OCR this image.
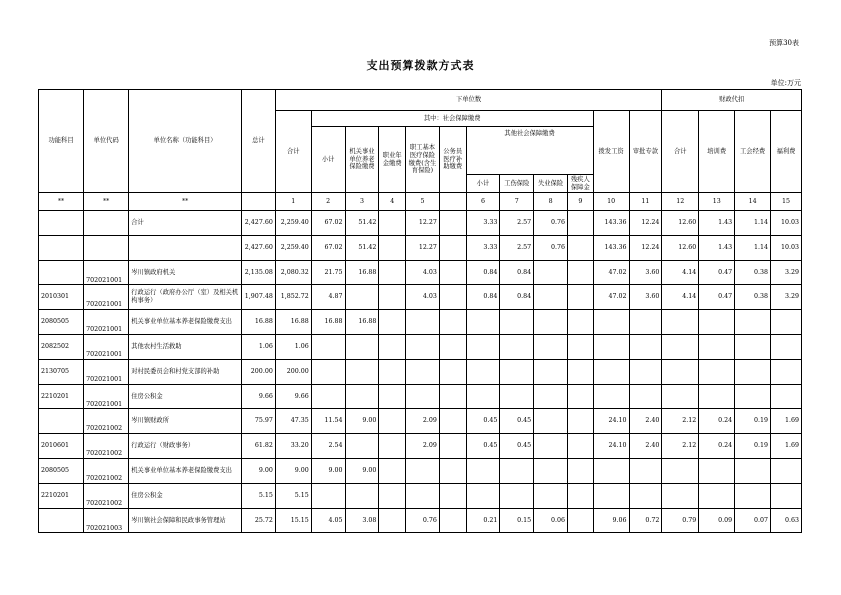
预算30表
支出预算拨款方式表
单位:万元
功能科目	单位代码	单位名称（功能科目）	总计	下单位数												财政代扣			
				合计	其中：社会保障缴费									拨发工资	审批专款	合计	培训费	工会经费	福利费
					小计	机关事业单位养老保险缴费	职业年金缴费	职工基本医疗保险缴费(含生育保险)	公务员医疗补助缴费	其他社会保障缴费									
										小计	工伤保险	失业保险	残疾人保障金						
**	**	**		1	2	3	4	5		6	7	8	9	10	11	12	13	14	15
		合计	2,427.60	2,259.40	67.02	51.42		12.27		3.33	2.57	0.76		143.36	12.24	12.60	1.43	1.14	10.03
			2,427.60	2,259.40	67.02	51.42		12.27		3.33	2.57	0.76		143.36	12.24	12.60	1.43	1.14	10.03
	702021001	岑川镇政府机关	2,135.08	2,080.32	21.75	16.88		4.03		0.84	0.84			47.02	3.60	4.14	0.47	0.38	3.29
2010301	702021001	行政运行（政府办公厅（室）及相关机构事务）	1,907.48	1,852.72	4.87			4.03		0.84	0.84			47.02	3.60	4.14	0.47	0.38	3.29
2080505	702021001	机关事业单位基本养老保险缴费支出	16.88	16.88	16.88	16.88													
2082502	702021001	其他农村生活救助	1.06	1.06															
2130705	702021001	对村民委员会和村党支部的补助	200.00	200.00															
2210201	702021001	住房公积金	9.66	9.66															
	702021002	岑川镇财政所	75.97	47.35	11.54	9.00		2.09		0.45	0.45			24.10	2.40	2.12	0.24	0.19	1.69
2010601	702021002	行政运行（财政事务）	61.82	33.20	2.54			2.09		0.45	0.45			24.10	2.40	2.12	0.24	0.19	1.69
2080505	702021002	机关事业单位基本养老保险缴费支出	9.00	9.00	9.00	9.00													
2210201	702021002	住房公积金	5.15	5.15															
	702021003	岑川镇社会保障和民政事务管理站	25.72	15.15	4.05	3.08		0.76		0.21	0.15	0.06		9.06	0.72	0.79	0.09	0.07	0.63
